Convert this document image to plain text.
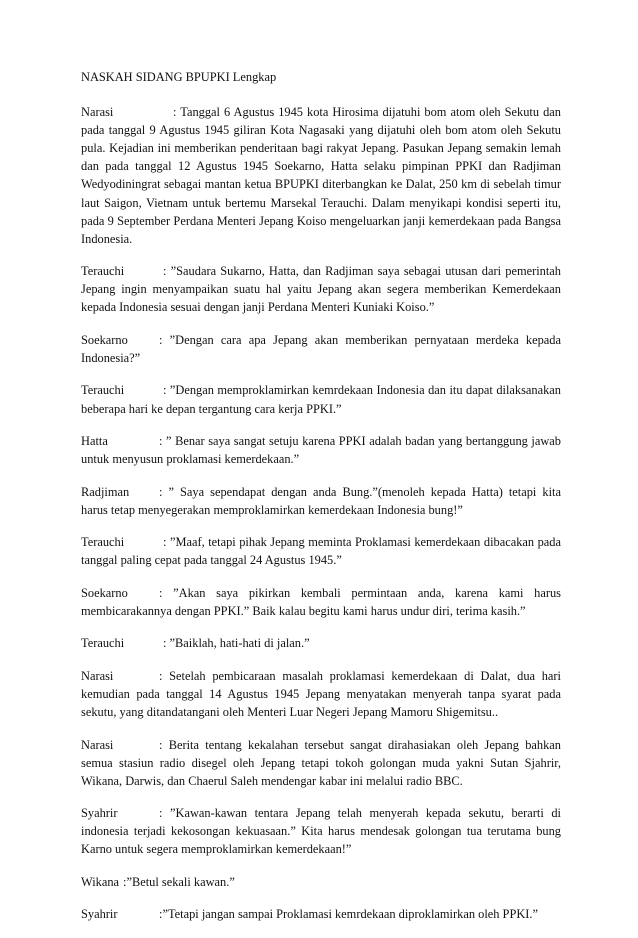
NASKAH SIDANG BPUPKI Lengkap
Narasi	: Tanggal 6 Agustus 1945 kota Hirosima dijatuhi bom atom oleh Sekutu dan pada tanggal 9 Agustus 1945 giliran Kota Nagasaki yang dijatuhi oleh bom atom oleh Sekutu pula. Kejadian ini memberikan penderitaan bagi rakyat Jepang. Pasukan Jepang semakin lemah dan pada tanggal 12 Agustus 1945 Soekarno, Hatta selaku pimpinan PPKI dan Radjiman Wedyodiningrat sebagai mantan ketua BPUPKI diterbangkan ke Dalat, 250 km di sebelah timur laut Saigon, Vietnam untuk bertemu Marsekal Terauchi. Dalam menyikapi kondisi seperti itu, pada 9 September Perdana Menteri Jepang Koiso mengeluarkan janji kemerdekaan pada Bangsa Indonesia.
Terauchi	: ”Saudara Sukarno, Hatta, dan Radjiman saya sebagai utusan dari pemerintah Jepang ingin menyampaikan suatu hal yaitu Jepang akan segera memberikan Kemerdekaan kepada Indonesia sesuai dengan janji Perdana Menteri Kuniaki Koiso.”
Soekarno	: ”Dengan cara apa Jepang akan memberikan pernyataan merdeka kepada Indonesia?”
Terauchi	: ”Dengan memproklamirkan kemrdekaan Indonesia dan itu dapat dilaksanakan beberapa hari ke depan tergantung cara kerja PPKI.”
Hatta	: ” Benar saya sangat setuju karena PPKI adalah badan yang bertanggung jawab untuk menyusun proklamasi kemerdekaan.”
Radjiman : ” Saya sependapat dengan anda Bung.”(menoleh kepada Hatta) tetapi kita harus tetap menyegerakan memproklamirkan kemerdekaan Indonesia bung!”
Terauchi	: ”Maaf, tetapi pihak Jepang meminta Proklamasi kemerdekaan dibacakan pada tanggal paling cepat pada tanggal 24 Agustus 1945.”
Soekarno	: ”Akan saya pikirkan kembali permintaan anda, karena kami harus membicarakannya dengan PPKI.” Baik kalau begitu kami harus undur diri, terima kasih.”
Terauchi	: ”Baiklah, hati-hati di jalan.”
Narasi	: Setelah pembicaraan masalah proklamasi kemerdekaan di Dalat, dua hari kemudian pada tanggal 14 Agustus 1945 Jepang menyatakan menyerah tanpa syarat pada sekutu, yang ditandatangani oleh Menteri Luar Negeri Jepang Mamoru Shigemitsu..
Narasi	: Berita tentang kekalahan tersebut sangat dirahasiakan oleh Jepang bahkan semua stasiun radio disegel oleh Jepang tetapi tokoh golongan muda yakni Sutan Sjahrir, Wikana, Darwis, dan Chaerul Saleh mendengar kabar ini melalui radio BBC.
Syahrir	: ”Kawan-kawan tentara Jepang telah menyerah kepada sekutu, berarti di indonesia terjadi kekosongan kekuasaan.” Kita harus mendesak golongan tua terutama bung Karno untuk segera memproklamirkan kemerdekaan!”
Wikana :”Betul sekali kawan.”
Syahrir	:”Tetapi jangan sampai Proklamasi kemrdekaan diproklamirkan oleh PPKI.”
